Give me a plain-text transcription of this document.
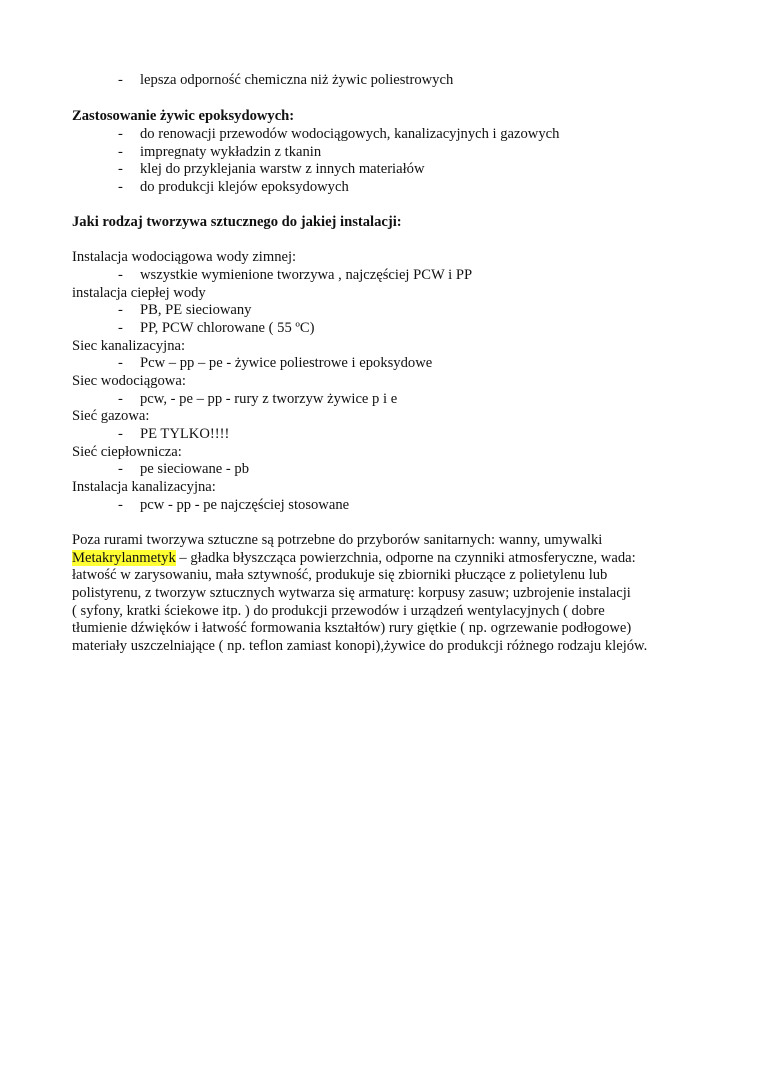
- lepsza odporność chemiczna niż żywic poliestrowych
Zastosowanie żywic epoksydowych:
- do renowacji przewodów wodociągowych, kanalizacyjnych i gazowych
- impregnaty wykładzin z tkanin
- klej do przyklejania warstw z innych materiałów
- do produkcji klejów epoksydowych
Jaki rodzaj tworzywa sztucznego do jakiej instalacji:
Instalacja wodociągowa wody zimnej:
- wszystkie wymienione tworzywa , najczęściej PCW i PP
instalacja ciepłej wody
- PB, PE sieciowany
- PP, PCW chlorowane ( 55 ºC)
Siec kanalizacyjna:
- Pcw – pp – pe - żywice poliestrowe i epoksydowe
Siec wodociągowa:
- pcw, - pe – pp - rury z tworzyw żywice p i e
Sieć gazowa:
- PE TYLKO!!!!
Sieć ciepłownicza:
- pe sieciowane - pb
Instalacja kanalizacyjna:
- pcw - pp - pe najczęściej stosowane
Poza rurami tworzywa sztuczne są potrzebne do przyborów sanitarnych: wanny, umywalki
Metakrylanmetyk – gładka błyszcząca powierzchnia, odporne na czynniki atmosferyczne, wada:
łatwość w zarysowaniu, mała sztywność, produkuje się zbiorniki płuczące z polietylenu lub
polistyrenu, z tworzyw sztucznych wytwarza się armaturę: korpusy zasuw; uzbrojenie instalacji
( syfony, kratki ściekowe itp. ) do produkcji przewodów i urządzeń wentylacyjnych ( dobre
tłumienie dźwięków i łatwość formowania kształtów) rury giętkie ( np. ogrzewanie podłogowe)
materiały uszczelniające ( np. teflon zamiast konopi),żywice do produkcji różnego rodzaju klejów.
